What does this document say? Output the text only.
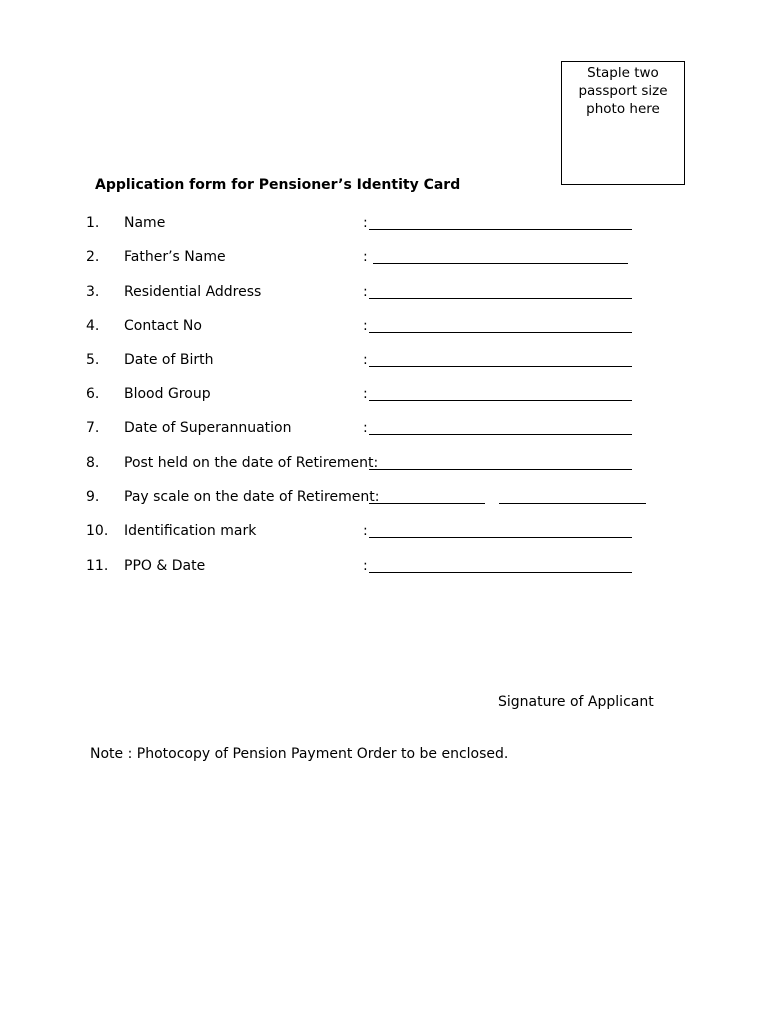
Staple two
passport size
photo here
Application form for Pensioner’s Identity Card
1. Name	:
2. Father’s Name	:
3. Residential Address	:
4. Contact No	:
5. Date of Birth	:
6. Blood Group	:
7. Date of Superannuation	:
8. Post held on the date of Retirement:
9. Pay scale on the date of Retirement:
10. Identification mark	:
11. PPO & Date	:
Signature of Applicant
Note : Photocopy of Pension Payment Order to be enclosed.
